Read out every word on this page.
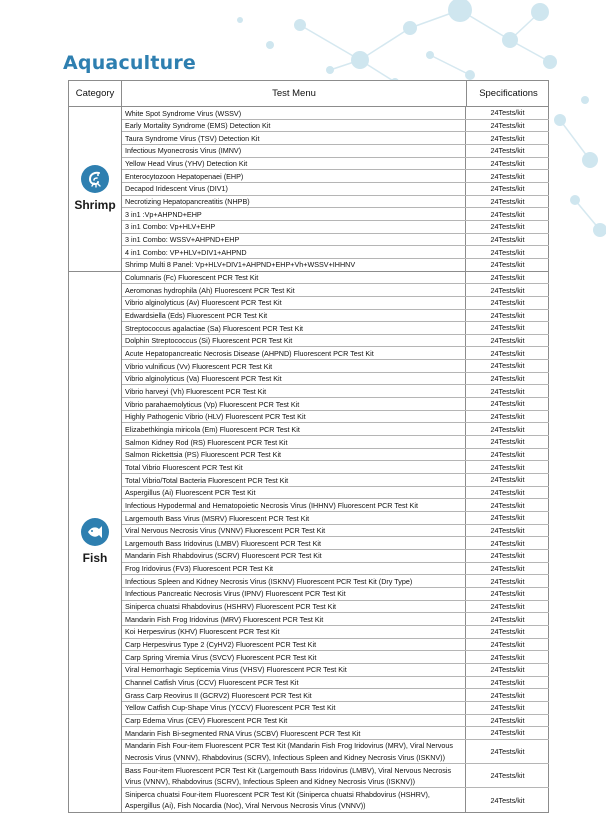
Aquaculture
Category	Test Menu	Specifications
Shrimp
White Spot Syndrome Virus (WSSV)	24Tests/kit
Early Mortality Syndrome (EMS) Detection Kit	24Tests/kit
Taura Syndrome Virus (TSV) Detection Kit	24Tests/kit
Infectious Myonecrosis Virus (IMNV)	24Tests/kit
Yellow Head Virus (YHV) Detection Kit	24Tests/kit
Enterocytozoon Hepatopenaei (EHP)	24Tests/kit
Decapod Iridescent Virus (DIV1)	24Tests/kit
Necrotizing Hepatopancreatitis (NHPB)	24Tests/kit
3 in1 :Vp+AHPND+EHP	24Tests/kit
3 in1 Combo: Vp+HLV+EHP	24Tests/kit
3 in1 Combo: WSSV+AHPND+EHP	24Tests/kit
4 in1 Combo: VP+HLV+DIV1+AHPND	24Tests/kit
Shrimp Multi 8 Panel: Vp+HLV+DIV1+AHPND+EHP+Vh+WSSV+IHHNV	24Tests/kit
Fish
Columnaris (Fc) Fluorescent PCR Test Kit	24Tests/kit
Aeromonas hydrophila (Ah) Fluorescent PCR Test Kit	24Tests/kit
Vibrio alginolyticus (Av) Fluorescent PCR Test Kit	24Tests/kit
Edwardsiella (Eds) Fluorescent PCR Test Kit	24Tests/kit
Streptococcus agalactiae (Sa) Fluorescent PCR Test Kit	24Tests/kit
Dolphin Streptococcus (Si) Fluorescent PCR Test Kit	24Tests/kit
Acute Hepatopancreatic Necrosis Disease (AHPND) Fluorescent PCR Test Kit	24Tests/kit
Vibrio vulnificus (Vv) Fluorescent PCR Test Kit	24Tests/kit
Vibrio alginolyticus (Va) Fluorescent PCR Test Kit	24Tests/kit
Vibrio harveyi (Vh) Fluorescent PCR Test Kit	24Tests/kit
Vibrio parahaemolyticus (Vp) Fluorescent PCR Test Kit	24Tests/kit
Highly Pathogenic Vibrio (HLV) Fluorescent PCR Test Kit	24Tests/kit
Elizabethkingia miricola (Em) Fluorescent PCR Test Kit	24Tests/kit
Salmon Kidney Rod (RS) Fluorescent PCR Test Kit	24Tests/kit
Salmon Rickettsia (PS) Fluorescent PCR Test Kit	24Tests/kit
Total Vibrio Fluorescent PCR Test Kit	24Tests/kit
Total Vibrio/Total Bacteria Fluorescent PCR Test Kit	24Tests/kit
Aspergillus (Ai) Fluorescent PCR Test Kit	24Tests/kit
Infectious Hypodermal and Hematopoietic Necrosis Virus (IHHNV) Fluorescent PCR Test Kit	24Tests/kit
Largemouth Bass Virus (MSRV) Fluorescent PCR Test Kit	24Tests/kit
Viral Nervous Necrosis Virus (VNNV) Fluorescent PCR Test Kit	24Tests/kit
Largemouth Bass Iridovirus (LMBV) Fluorescent PCR Test Kit	24Tests/kit
Mandarin Fish Rhabdovirus (SCRV) Fluorescent PCR Test Kit	24Tests/kit
Frog Iridovirus (FV3) Fluorescent PCR Test Kit	24Tests/kit
Infectious Spleen and Kidney Necrosis Virus (ISKNV) Fluorescent PCR Test Kit (Dry Type)	24Tests/kit
Infectious Pancreatic Necrosis Virus (IPNV) Fluorescent PCR Test Kit	24Tests/kit
Siniperca chuatsi Rhabdovirus (HSHRV) Fluorescent PCR Test Kit	24Tests/kit
Mandarin Fish Frog Iridovirus (MRV) Fluorescent PCR Test Kit	24Tests/kit
Koi Herpesvirus (KHV) Fluorescent PCR Test Kit	24Tests/kit
Carp Herpesvirus Type 2 (CyHV2) Fluorescent PCR Test Kit	24Tests/kit
Carp Spring Viremia Virus (SVCV) Fluorescent PCR Test Kit	24Tests/kit
Viral Hemorrhagic Septicemia Virus (VHSV) Fluorescent PCR Test Kit	24Tests/kit
Channel Catfish Virus (CCV) Fluorescent PCR Test Kit	24Tests/kit
Grass Carp Reovirus II (GCRV2) Fluorescent PCR Test Kit	24Tests/kit
Yellow Catfish Cup-Shape Virus (YCCV) Fluorescent PCR Test Kit	24Tests/kit
Carp Edema Virus (CEV) Fluorescent PCR Test Kit	24Tests/kit
Mandarin Fish Bi-segmented RNA Virus (SCBV) Fluorescent PCR Test Kit	24Tests/kit
Mandarin Fish Four-item Fluorescent PCR Test Kit (Mandarin Fish Frog Iridovirus (MRV), Viral Nervous Necrosis Virus (VNNV), Rhabdovirus (SCRV), Infectious Spleen and Kidney Necrosis Virus (ISKNV))
24Tests/kit
Bass Four-item Fluorescent PCR Test Kit (Largemouth Bass Iridovirus (LMBV), Viral Nervous Necrosis Virus (VNNV), Rhabdovirus (SCRV), Infectious Spleen and Kidney Necrosis Virus (ISKNV))
24Tests/kit
Siniperca chuatsi Four-item Fluorescent PCR Test Kit (Siniperca chuatsi Rhabdovirus (HSHRV), Aspergillus (Ai), Fish Nocardia (Noc), Viral Nervous Necrosis Virus (VNNV))
24Tests/kit
